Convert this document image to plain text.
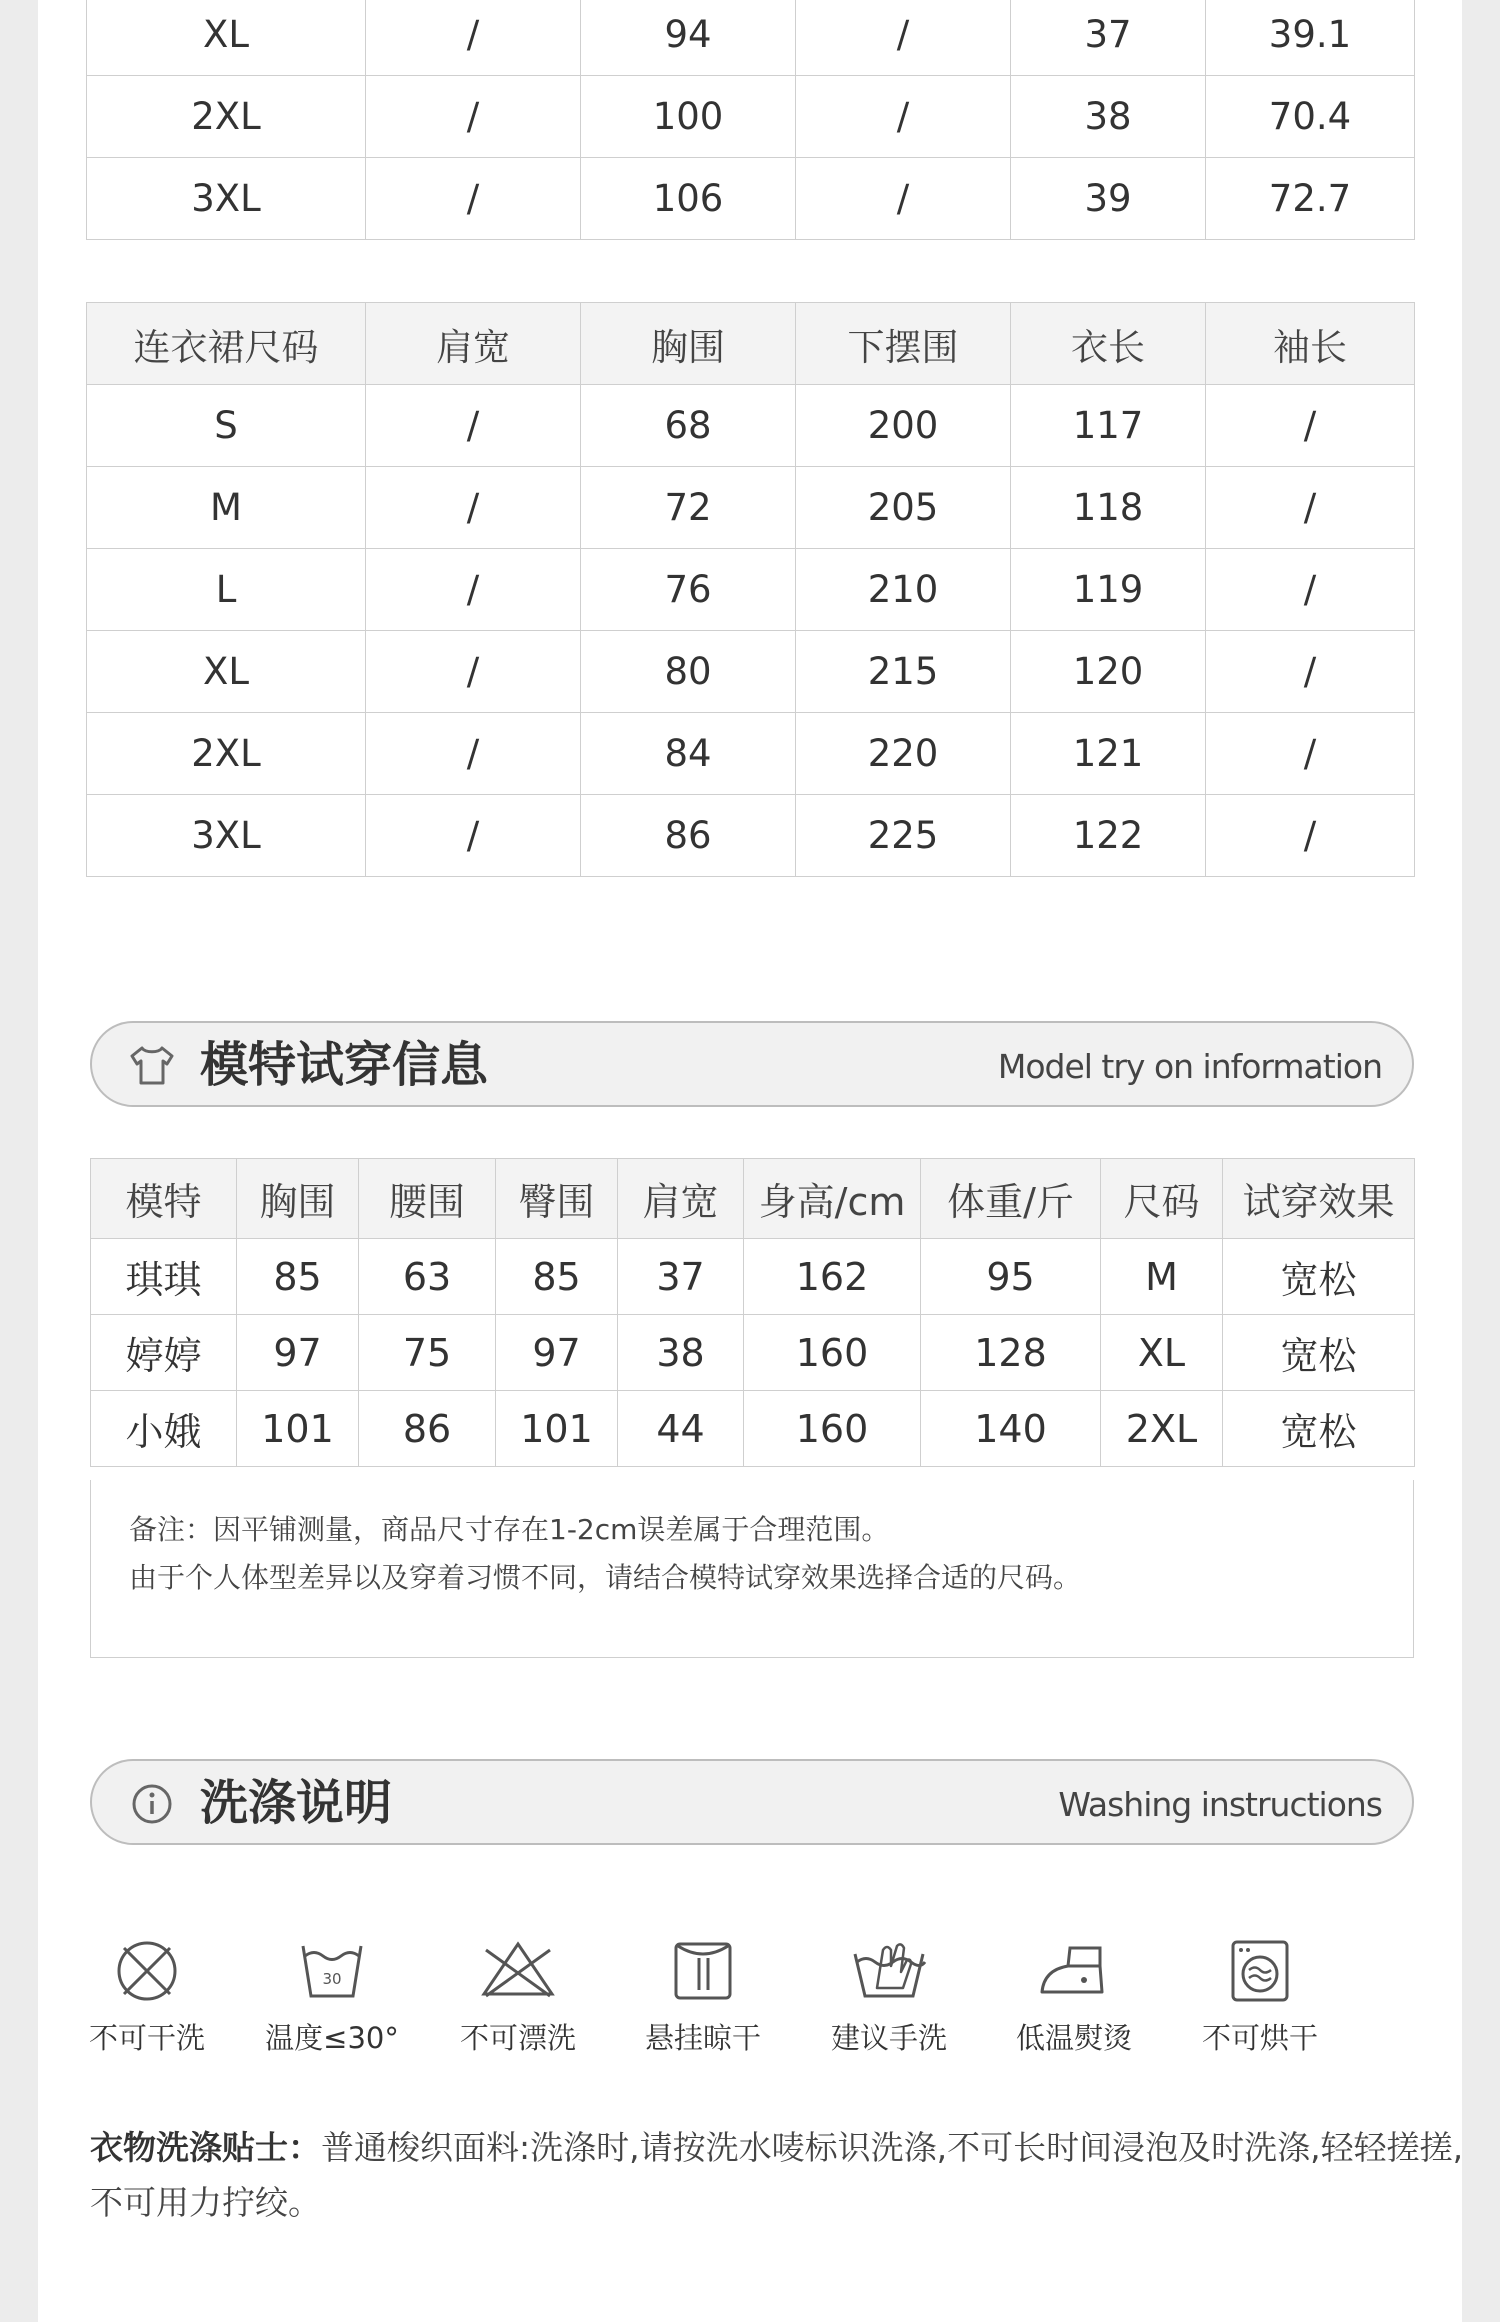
XL	/	94	/	37	39.1
2XL	/	100	/	38	70.4
3XL	/	106	/	39	72.7
连衣裙尺码	肩宽	胸围	下摆围	衣长	袖长
S	/	68	200	117	/
M	/	72	205	118	/
L	/	76	210	119	/
XL	/	80	215	120	/
2XL	/	84	220	121	/
3XL	/	86	225	122	/
模特试穿信息	Model try on information
模特	胸围	腰围	臀围	肩宽	身高/cm	体重/斤	尺码	试穿效果
琪琪	85	63	85	37	162	95	M	宽松
婷婷	97	75	97	38	160	128	XL	宽松
小娥	101	86	101	44	160	140	2XL	宽松
备注：因平铺测量，商品尺寸存在1-2cm误差属于合理范围。
由于个人体型差异以及穿着习惯不同，请结合模特试穿效果选择合适的尺码。
洗涤说明	Washing instructions
不可干洗
30
温度≤30°	不可漂洗	悬挂晾干	建议手洗	低温熨烫	不可烘干
衣物洗涤贴士：普通梭织面料:洗涤时,请按洗水唛标识洗涤,不可长时间浸泡及时洗涤,轻轻搓搓,不可用力拧绞。
